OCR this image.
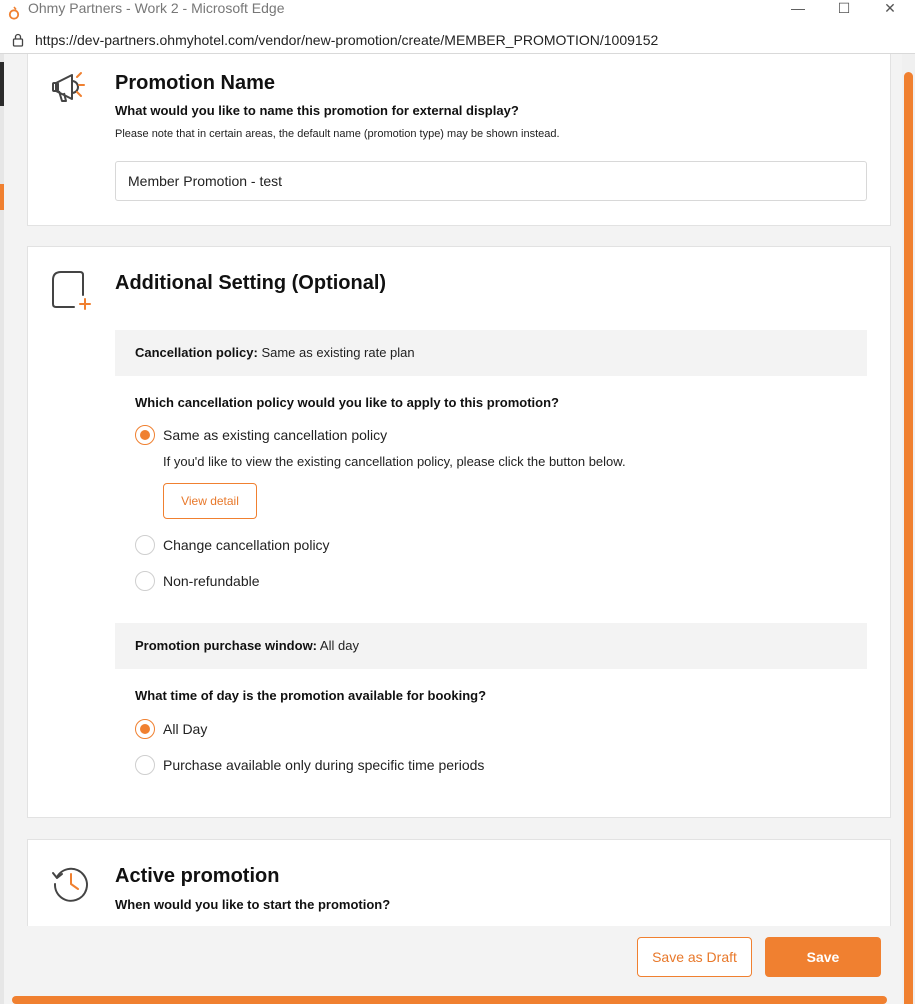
Ohmy Partners - Work 2 - Microsoft Edge	—	☐	✕
https://dev-partners.ohmyhotel.com/vendor/new-promotion/create/MEMBER_PROMOTION/1009152
Promotion Name
What would you like to name this promotion for external display?
Please note that in certain areas, the default name (promotion type) may be shown instead.
Member Promotion - test
Additional Setting (Optional)
Cancellation policy: Same as existing rate plan
Which cancellation policy would you like to apply to this promotion?
Same as existing cancellation policy
If you'd like to view the existing cancellation policy, please click the button below.
View detail
Change cancellation policy
Non-refundable
Promotion purchase window: All day
What time of day is the promotion available for booking?
All Day
Purchase available only during specific time periods
Active promotion
When would you like to start the promotion?
Save as Draft	Save
